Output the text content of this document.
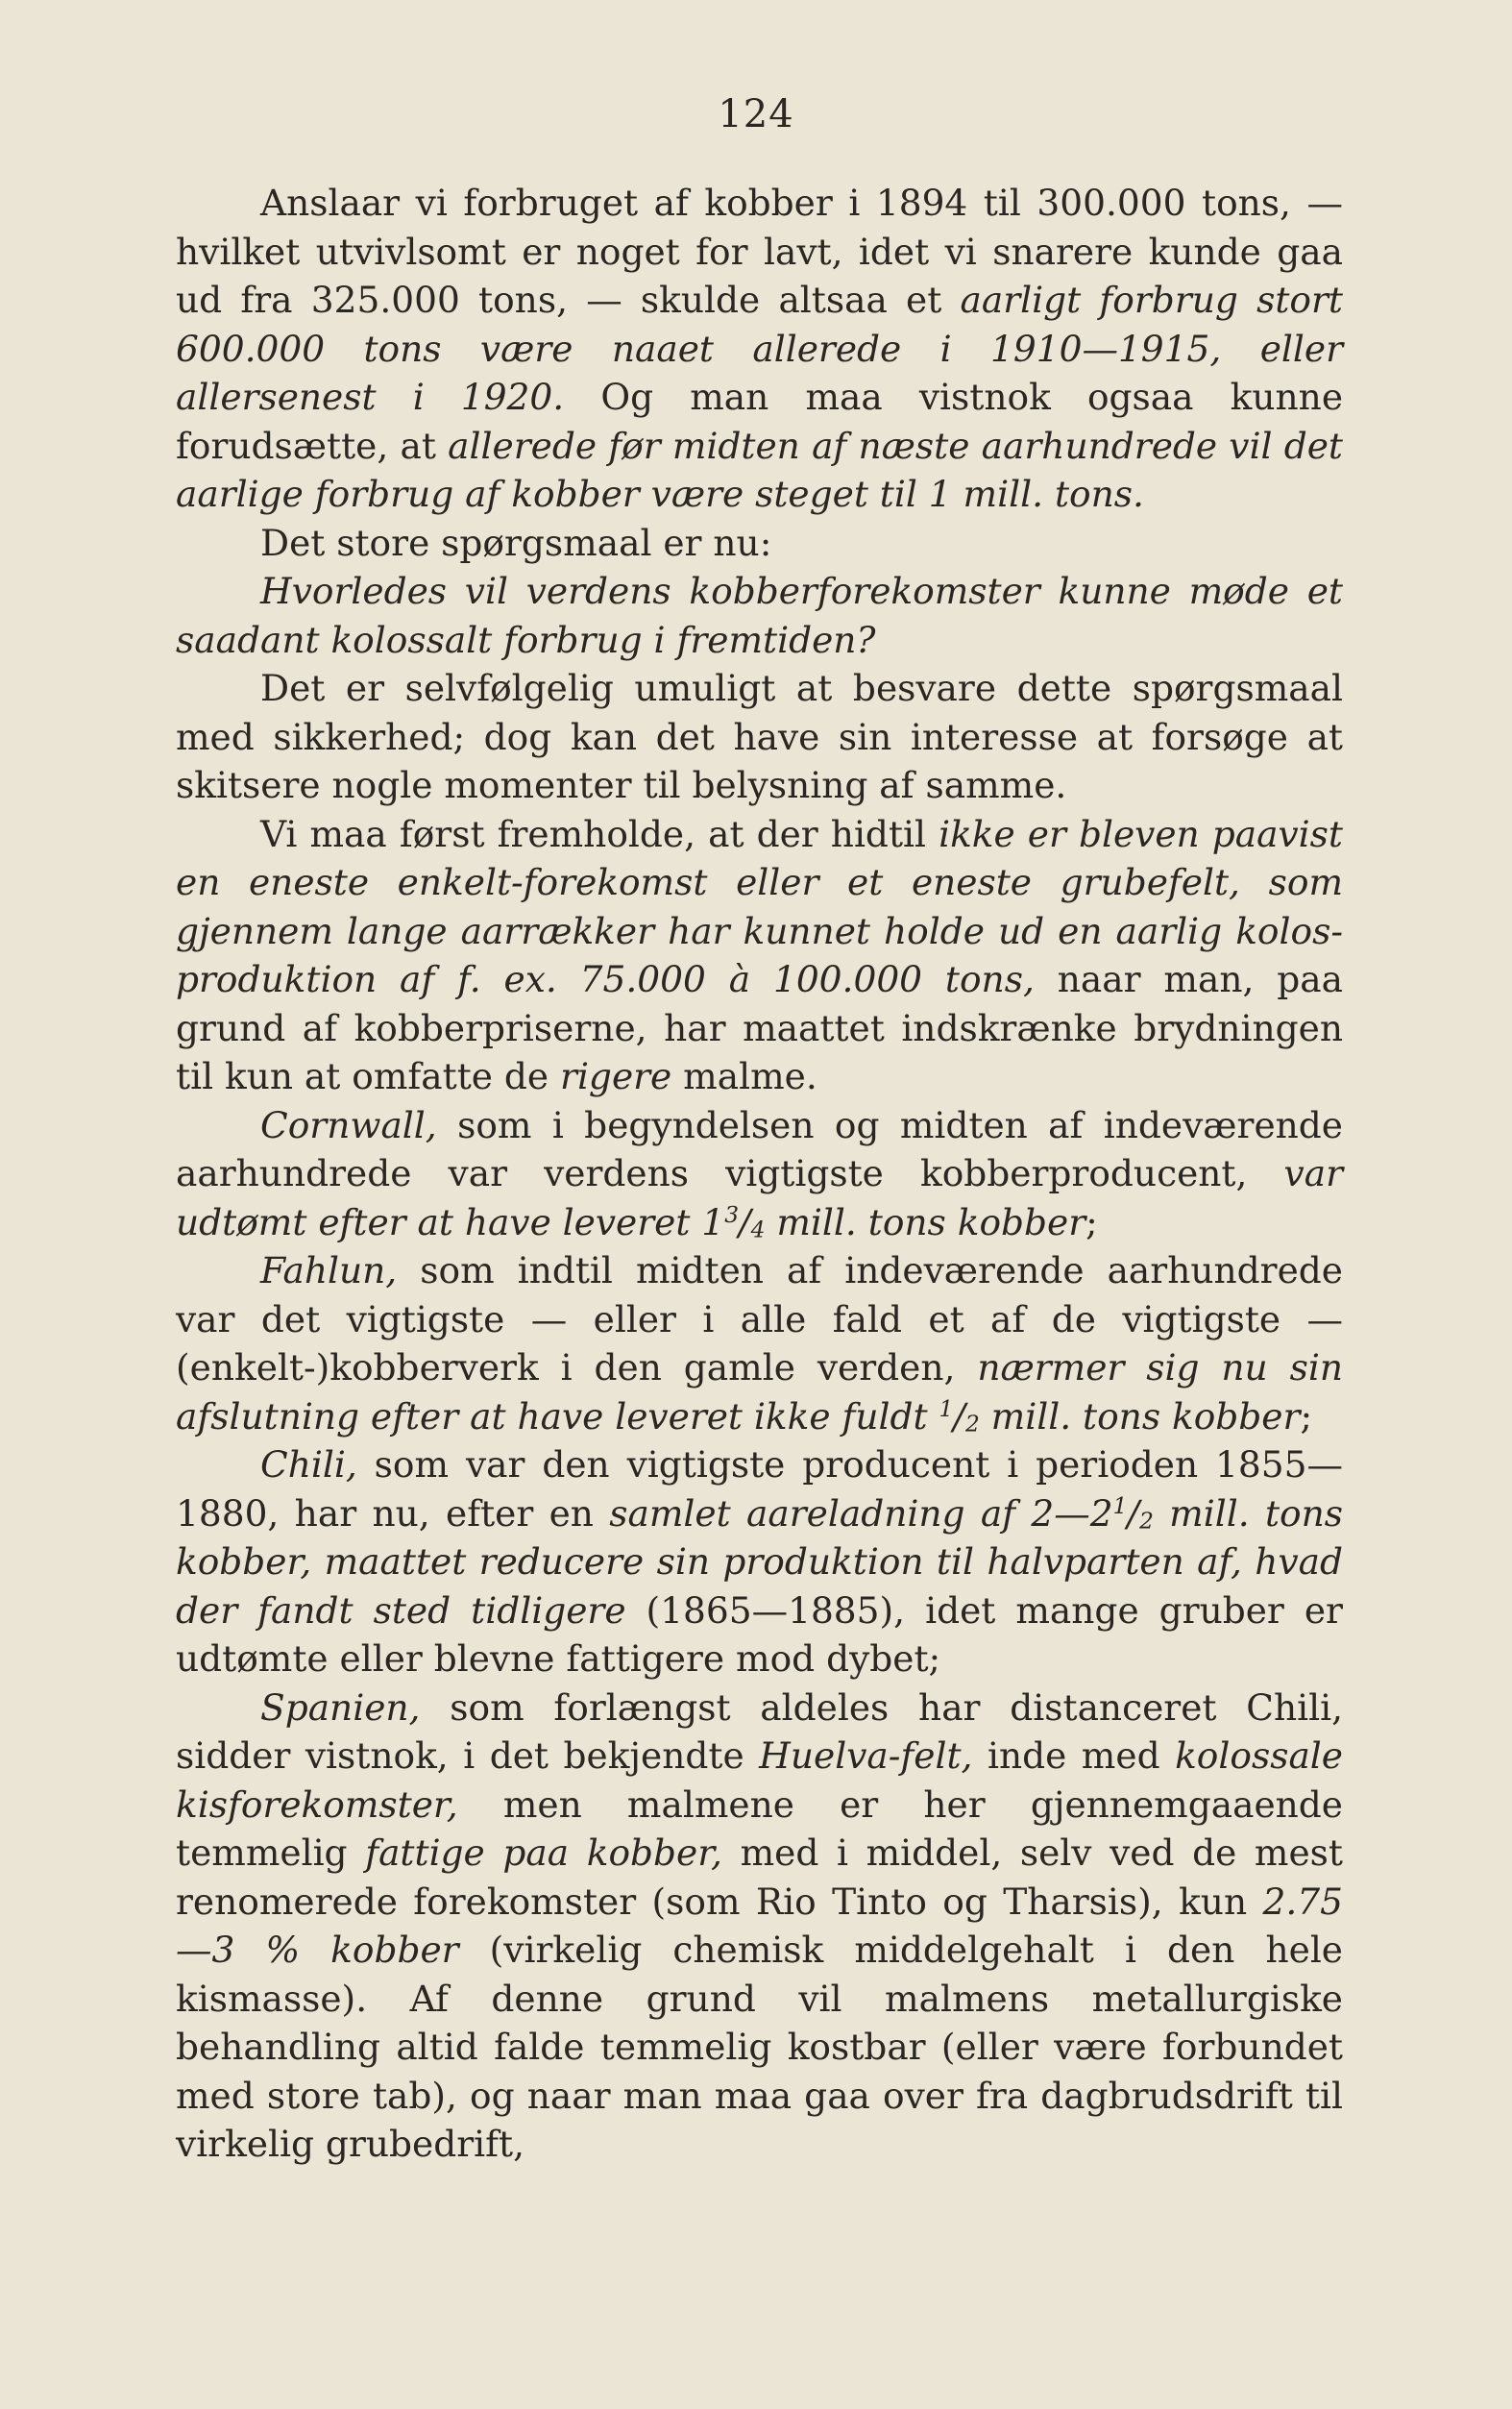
124

Anslaar vi forbruget af kobber i 1894 til 300.000 tons, — hvilket utvivlsomt er noget for lavt, idet vi snarere kunde gaa ud fra 325.000 tons, — skulde altsaa et aarligt forbrug stort 600.000 tons være naaet allerede i 1910—1915, eller allersenest i 1920. Og man maa vistnok ogsaa kunne forudsætte, at allerede før midten af næste aarhundrede vil det aarlige forbrug af kobber være steget til 1 mill. tons.

Det store spørgsmaal er nu:

Hvorledes vil verdens kobberforekomster kunne møde et saadant kolossalt forbrug i fremtiden?

Det er selvfølgelig umuligt at besvare dette spørgsmaal med sikkerhed; dog kan det have sin interesse at forsøge at skitsere nogle momenter til belysning af samme.

Vi maa først fremholde, at der hidtil ikke er bleven paavist en eneste enkelt-forekomst eller et eneste grubefelt, som gjennem lange aarrækker har kunnet holde ud en aarlig kolos-produktion af f. ex. 75.000 à 100.000 tons, naar man, paa grund af kobberpriserne, har maattet indskrænke brydningen til kun at omfatte de rigere malme.

Cornwall, som i begyndelsen og midten af indeværende aarhundrede var verdens vigtigste kobberproducent, var udtømt efter at have leveret $1^3/_4$ mill. tons kobber;

Fahlun, som indtil midten af indeværende aarhundrede var det vigtigste — eller i alle fald et af de vigtigste — (enkelt-)kobberverk i den gamle verden, nærmer sig nu sin afslutning efter at have leveret ikke fuldt $^1/_2$ mill. tons kobber;

Chili, som var den vigtigste producent i perioden 1855—1880, har nu, efter en samlet aareladning af $2—2^1/_2$ mill. tons kobber, maattet reducere sin produktion til halvparten af, hvad der fandt sted tidligere (1865—1885), idet mange gruber er udtømte eller blevne fattigere mod dybet;

Spanien, som forlængst aldeles har distanceret Chili, sidder vistnok, i det bekjendte Huelva-felt, inde med kolossale kisforekomster, men malmene er her gjennemgaaende temmelig fattige paa kobber, med i middel, selv ved de mest renomerede forekomster (som Rio Tinto og Tharsis), kun 2.75—3 % kobber (virkelig chemisk middelgehalt i den hele kismasse). Af denne grund vil malmens metallurgiske behandling altid falde temmelig kostbar (eller være forbundet med store tab), og naar man maa gaa over fra dagbrudsdrift til virkelig grubedrift,
